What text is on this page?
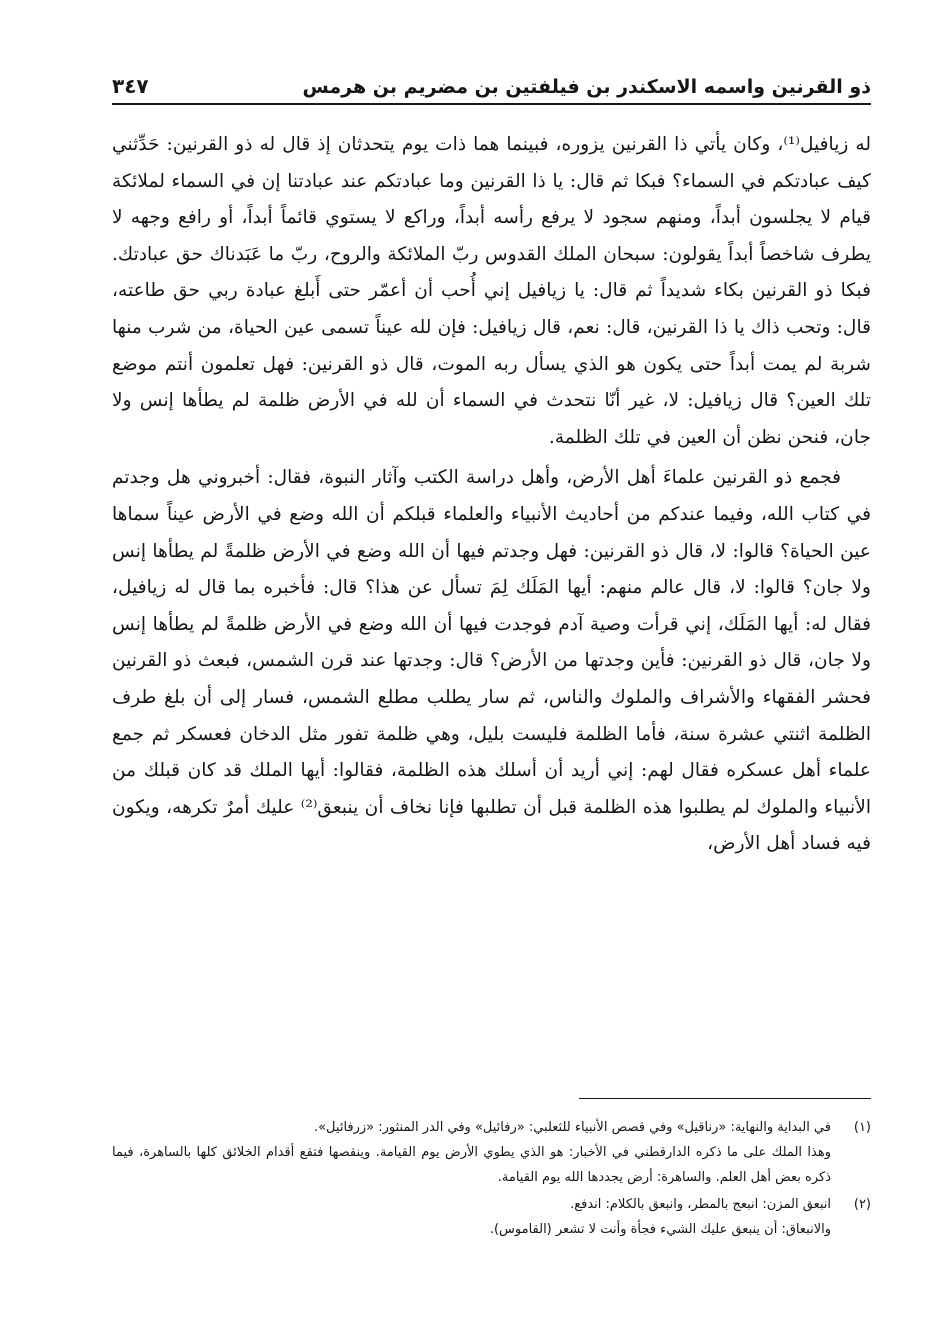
ذو القرنين واسمه الاسكندر بن فيلفتين بن مضريم بن هرمس
٣٤٧

له زيافيل⁽¹⁾، وكان يأتي ذا القرنين يزوره، فبينما هما ذات يوم يتحدثان إذ قال له ذو القرنين: حَدِّثني كيف عبادتكم في السماء؟ فبكا ثم قال: يا ذا القرنين وما عبادتكم عند عبادتنا إن في السماء لملائكة قيام لا يجلسون أبداً، ومنهم سجود لا يرفع رأسه أبداً، وراكع لا يستوي قائماً أبداً، أو رافع وجهه لا يطرف شاخصاً أبداً يقولون: سبحان الملك القدوس ربّ الملائكة والروح، ربّ ما عَبَدناك حق عبادتك. فبكا ذو القرنين بكاء شديداً ثم قال: يا زيافيل إني أُحب أن أعمّر حتى أَبلغ عبادة ربي حق طاعته، قال: وتحب ذاك يا ذا القرنين، قال: نعم، قال زيافيل: فإن لله عيناً تسمى عين الحياة، من شرب منها شربة لم يمت أبداً حتى يكون هو الذي يسأل ربه الموت، قال ذو القرنين: فهل تعلمون أنتم موضع تلك العين؟ قال زيافيل: لا، غير أنّا نتحدث في السماء أن لله في الأرض ظلمة لم يطأها إنس ولا جان، فنحن نظن أن العين في تلك الظلمة.

فجمع ذو القرنين علماءَ أهل الأرض، وأهل دراسة الكتب وآثار النبوة، فقال: أخبروني هل وجدتم في كتاب الله، وفيما عندكم من أحاديث الأنبياء والعلماء قبلكم أن الله وضع في الأرض عيناً سماها عين الحياة؟ قالوا: لا، قال ذو القرنين: فهل وجدتم فيها أن الله وضع في الأرض ظلمةً لم يطأها إنس ولا جان؟ قالوا: لا، قال عالم منهم: أيها المَلَك لِمَ تسأل عن هذا؟ قال: فأخبره بما قال له زيافيل، فقال له: أيها المَلَك، إني قرأت وصية آدم فوجدت فيها أن الله وضع في الأرض ظلمةً لم يطأها إنس ولا جان، قال ذو القرنين: فأين وجدتها من الأرض؟ قال: وجدتها عند قرن الشمس، فبعث ذو القرنين فحشر الفقهاء والأشراف والملوك والناس، ثم سار يطلب مطلع الشمس، فسار إلى أن بلغ طرف الظلمة اثنتي عشرة سنة، فأما الظلمة فليست بليل، وهي ظلمة تفور مثل الدخان فعسكر ثم جمع علماء أهل عسكره فقال لهم: إني أريد أن أسلك هذه الظلمة، فقالوا: أيها الملك قد كان قبلك من الأنبياء والملوك لم يطلبوا هذه الظلمة قبل أن تطلبها فإنا نخاف أن ينبعق⁽²⁾ عليك أمرٌ تكرهه، ويكون فيه فساد أهل الأرض،

(١)
في البداية والنهاية: «رناقيل» وفي قصص الأنبياء للثعلبي: «رفائيل» وفي الدر المنثور: «زرفائيل».
وهذا الملك على ما ذكره الدارقطني في الأخبار: هو الذي يطوي الأرض يوم القيامة. وينقصها فتقع أقدام الخلائق كلها بالساهرة، فيما ذكره بعض أهل العلم. والساهرة: أرض يجددها الله يوم القيامة.
(٢)
انبعق المزن: انبعج بالمطر، وانبعق بالكلام: اندفع.
والانبعاق: أن ينبعق عليك الشيء فجأة وأنت لا تشعر (القاموس).
